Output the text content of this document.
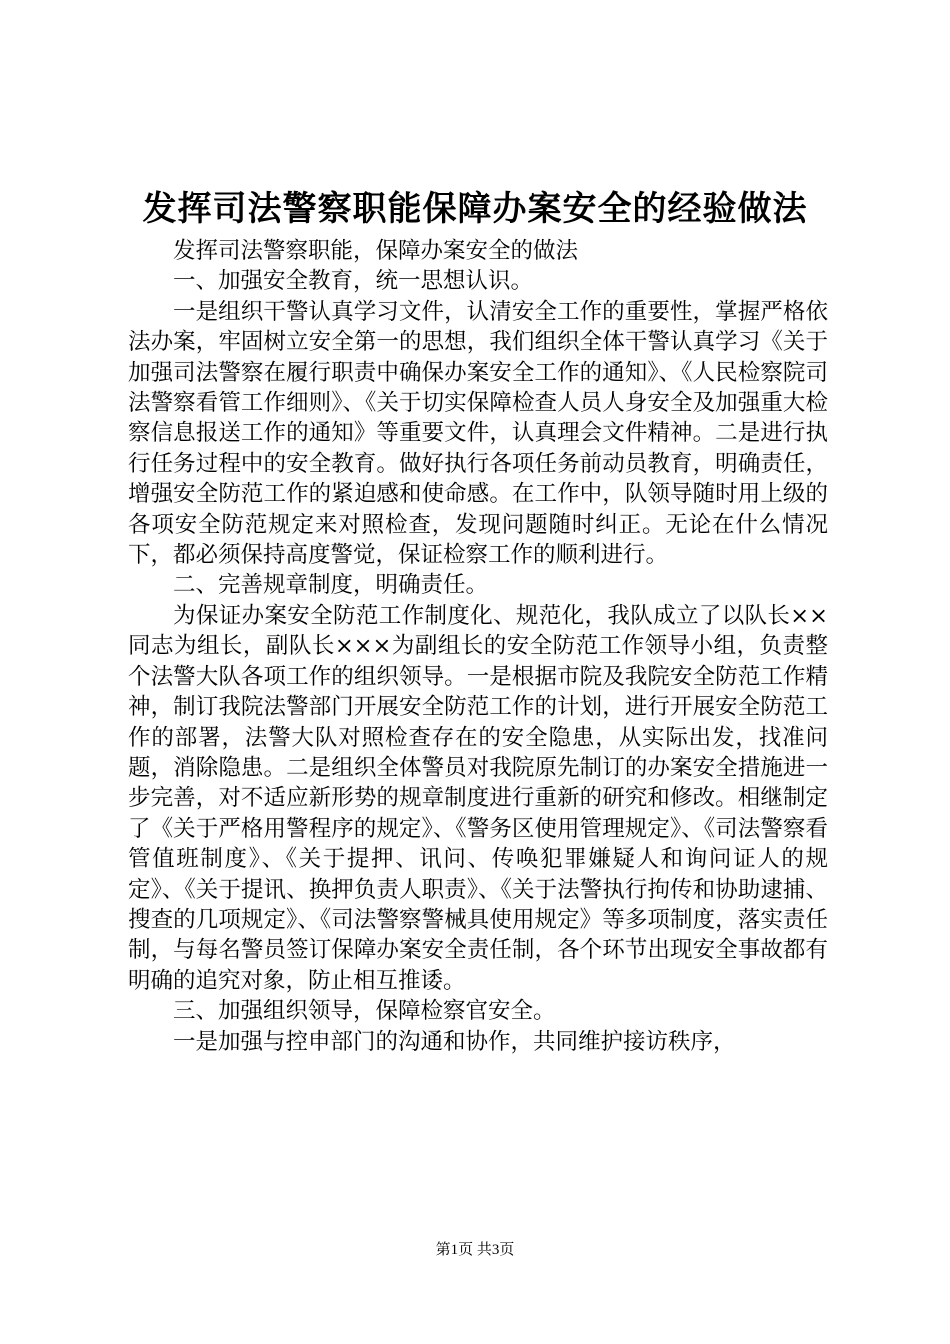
发挥司法警察职能保障办案安全的经验做法

发挥司法警察职能，保障办案安全的做法

一、加强安全教育，统一思想认识。

一是组织干警认真学习文件，认清安全工作的重要性，掌握严格依法办案，牢固树立安全第一的思想，我们组织全体干警认真学习《关于加强司法警察在履行职责中确保办案安全工作的通知》、《人民检察院司法警察看管工作细则》、《关于切实保障检查人员人身安全及加强重大检察信息报送工作的通知》等重要文件，认真理会文件精神。二是进行执行任务过程中的安全教育。做好执行各项任务前动员教育，明确责任，增强安全防范工作的紧迫感和使命感。在工作中，队领导随时用上级的各项安全防范规定来对照检查，发现问题随时纠正。无论在什么情况下，都必须保持高度警觉，保证检察工作的顺利进行。

二、完善规章制度，明确责任。

为保证办案安全防范工作制度化、规范化，我队成立了以队长××同志为组长，副队长×××为副组长的安全防范工作领导小组，负责整个法警大队各项工作的组织领导。一是根据市院及我院安全防范工作精神，制订我院法警部门开展安全防范工作的计划，进行开展安全防范工作的部署，法警大队对照检查存在的安全隐患，从实际出发，找准问题，消除隐患。二是组织全体警员对我院原先制订的办案安全措施进一步完善，对不适应新形势的规章制度进行重新的研究和修改。相继制定了《关于严格用警程序的规定》、《警务区使用管理规定》、《司法警察看管值班制度》、《关于提押、讯问、传唤犯罪嫌疑人和询问证人的规定》、《关于提讯、换押负责人职责》、《关于法警执行拘传和协助逮捕、搜查的几项规定》、《司法警察警械具使用规定》等多项制度，落实责任制，与每名警员签订保障办案安全责任制，各个环节出现安全事故都有明确的追究对象，防止相互推诿。

三、加强组织领导，保障检察官安全。

一是加强与控申部门的沟通和协作，共同维护接访秩序，

第1页 共3页
